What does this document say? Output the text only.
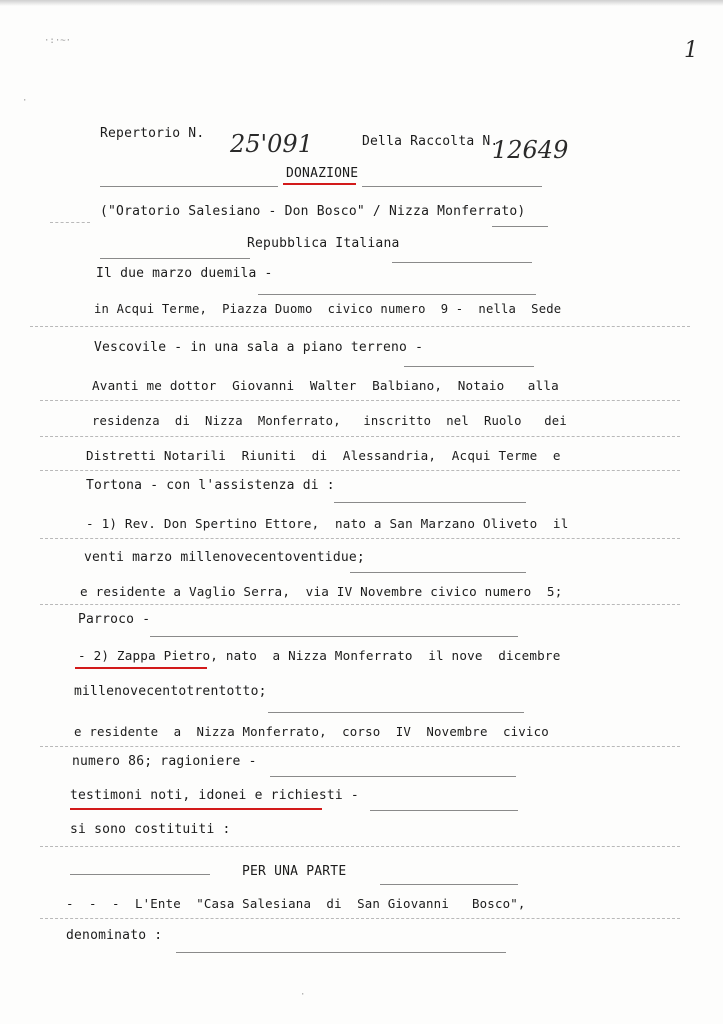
·:·~·
·
1
Repertorio N. 25'091	Della Raccolta N.
12649
DONAZIONE
("Oratorio Salesiano - Don Bosco" / Nizza Monferrato)
Repubblica Italiana
Il due marzo duemila -
in Acqui Terme,  Piazza Duomo  civico numero  9 -  nella  Sede
Vescovile - in una sala a piano terreno -
Avanti me dottor  Giovanni  Walter  Balbiano,  Notaio   alla
residenza  di  Nizza  Monferrato,   inscritto  nel  Ruolo   dei
Distretti Notarili  Riuniti  di  Alessandria,  Acqui Terme  e
Tortona - con l'assistenza di :
- 1) Rev. Don Spertino Ettore,  nato a San Marzano Oliveto  il
venti marzo millenovecentoventidue;
e residente a Vaglio Serra,  via IV Novembre civico numero  5;
Parroco -
- 2) Zappa Pietro, nato  a Nizza Monferrato  il nove  dicembre
millenovecentotrentotto;
e residente  a  Nizza Monferrato,  corso  IV  Novembre  civico
numero 86; ragioniere -
testimoni noti, idonei e richiesti -
si sono costituiti :
PER UNA PARTE
-  -  -  L'Ente  "Casa Salesiana  di  San Giovanni   Bosco",
denominato :
·
